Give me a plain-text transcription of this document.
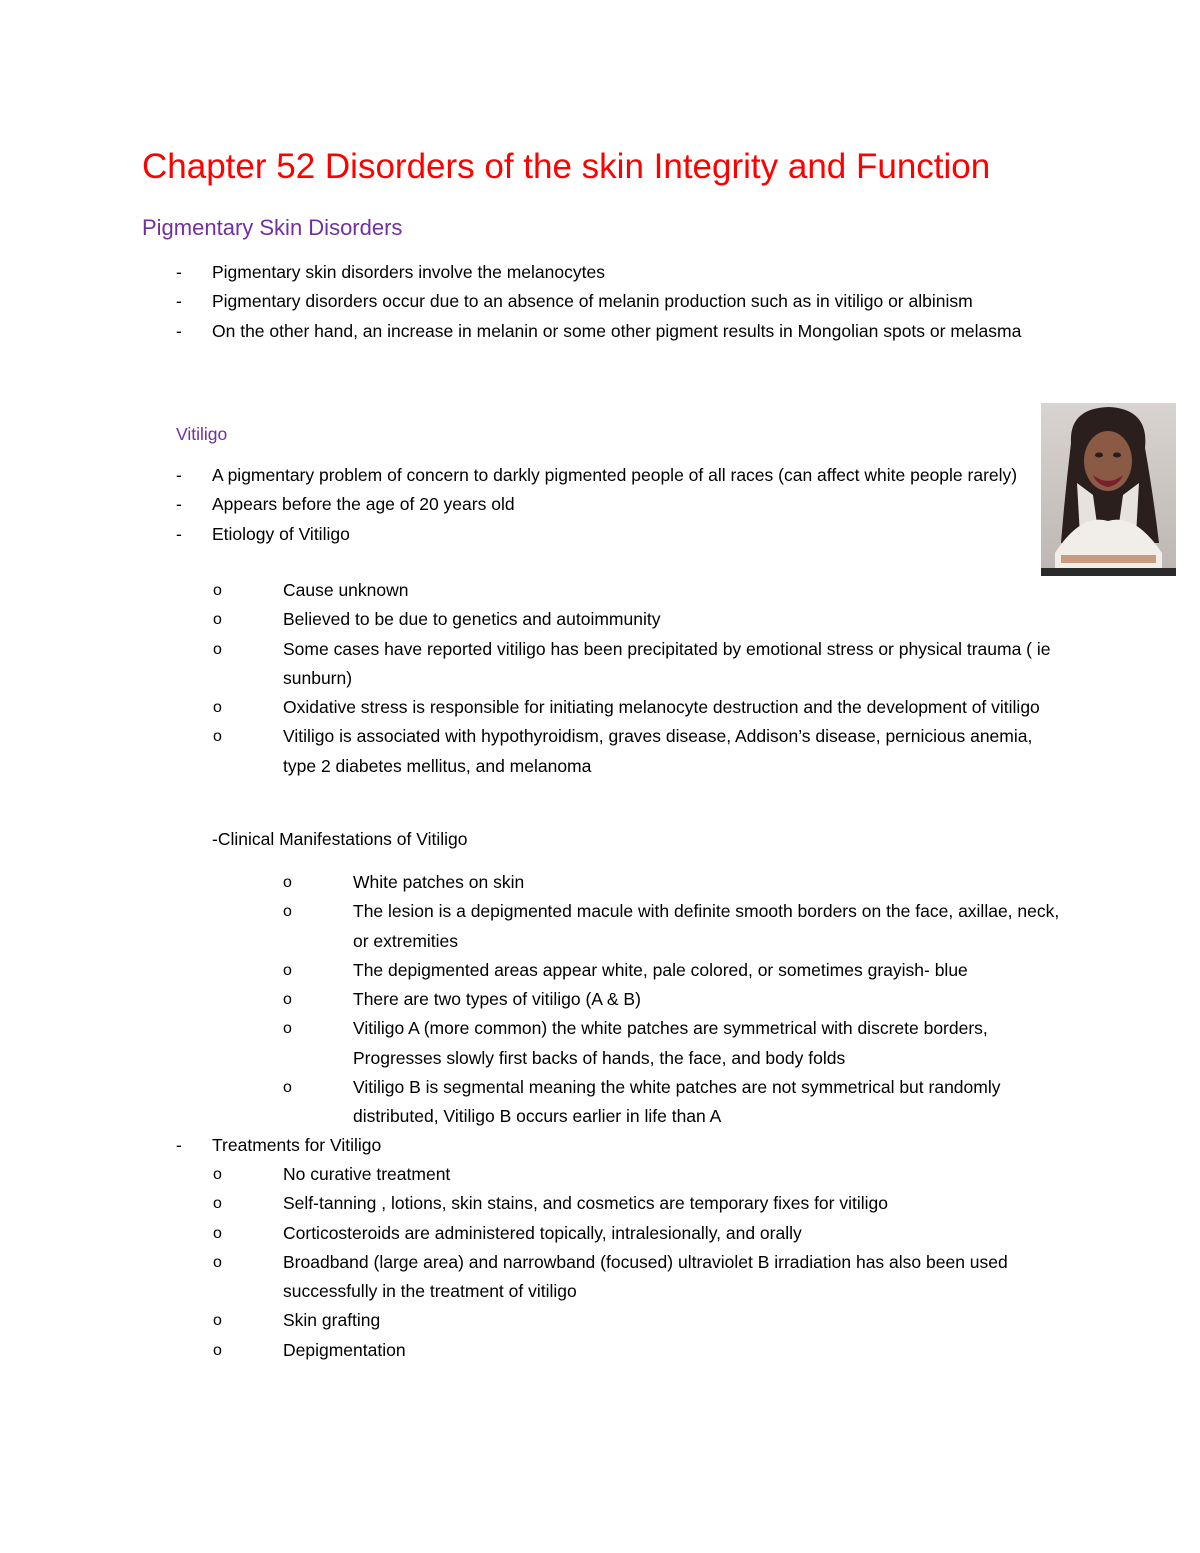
Chapter 52 Disorders of the skin Integrity and Function
Pigmentary Skin Disorders
- Pigmentary skin disorders involve the melanocytes
- Pigmentary disorders occur due to an absence of melanin production such as in vitiligo or albinism
- On the other hand, an increase in melanin or some other pigment results in Mongolian spots or melasma
Vitiligo
- A pigmentary problem of concern to darkly pigmented people of all races (can affect white people rarely)
- Appears before the age of 20 years old
- Etiology of Vitiligo
o	Cause unknown
o	Believed to be due to genetics and autoimmunity
o	Some cases have reported vitiligo has been precipitated by emotional stress or physical trauma ( ie sunburn)
o	Oxidative stress is responsible for initiating melanocyte destruction and the development of vitiligo
o	Vitiligo is associated with hypothyroidism, graves disease, Addison’s disease, pernicious anemia, type 2 diabetes mellitus, and melanoma
-Clinical Manifestations of Vitiligo
o	White patches on skin
o	The lesion is a depigmented macule with definite smooth borders on the face, axillae, neck, or extremities
o	The depigmented areas appear white, pale colored, or sometimes grayish- blue
o	There are two types of vitiligo (A & B)
o	Vitiligo A (more common) the white patches are symmetrical with discrete borders, Progresses slowly first backs of hands, the face, and body folds
o	Vitiligo B is segmental meaning the white patches are not symmetrical but randomly distributed, Vitiligo B occurs earlier in life than A
- Treatments for Vitiligo
o	No curative treatment
o	Self-tanning , lotions, skin stains, and cosmetics are temporary fixes for vitiligo
o	Corticosteroids are administered topically, intralesionally, and orally
o	Broadband (large area) and narrowband (focused) ultraviolet B irradiation has also been used successfully in the treatment of vitiligo
o	Skin grafting
o	Depigmentation
